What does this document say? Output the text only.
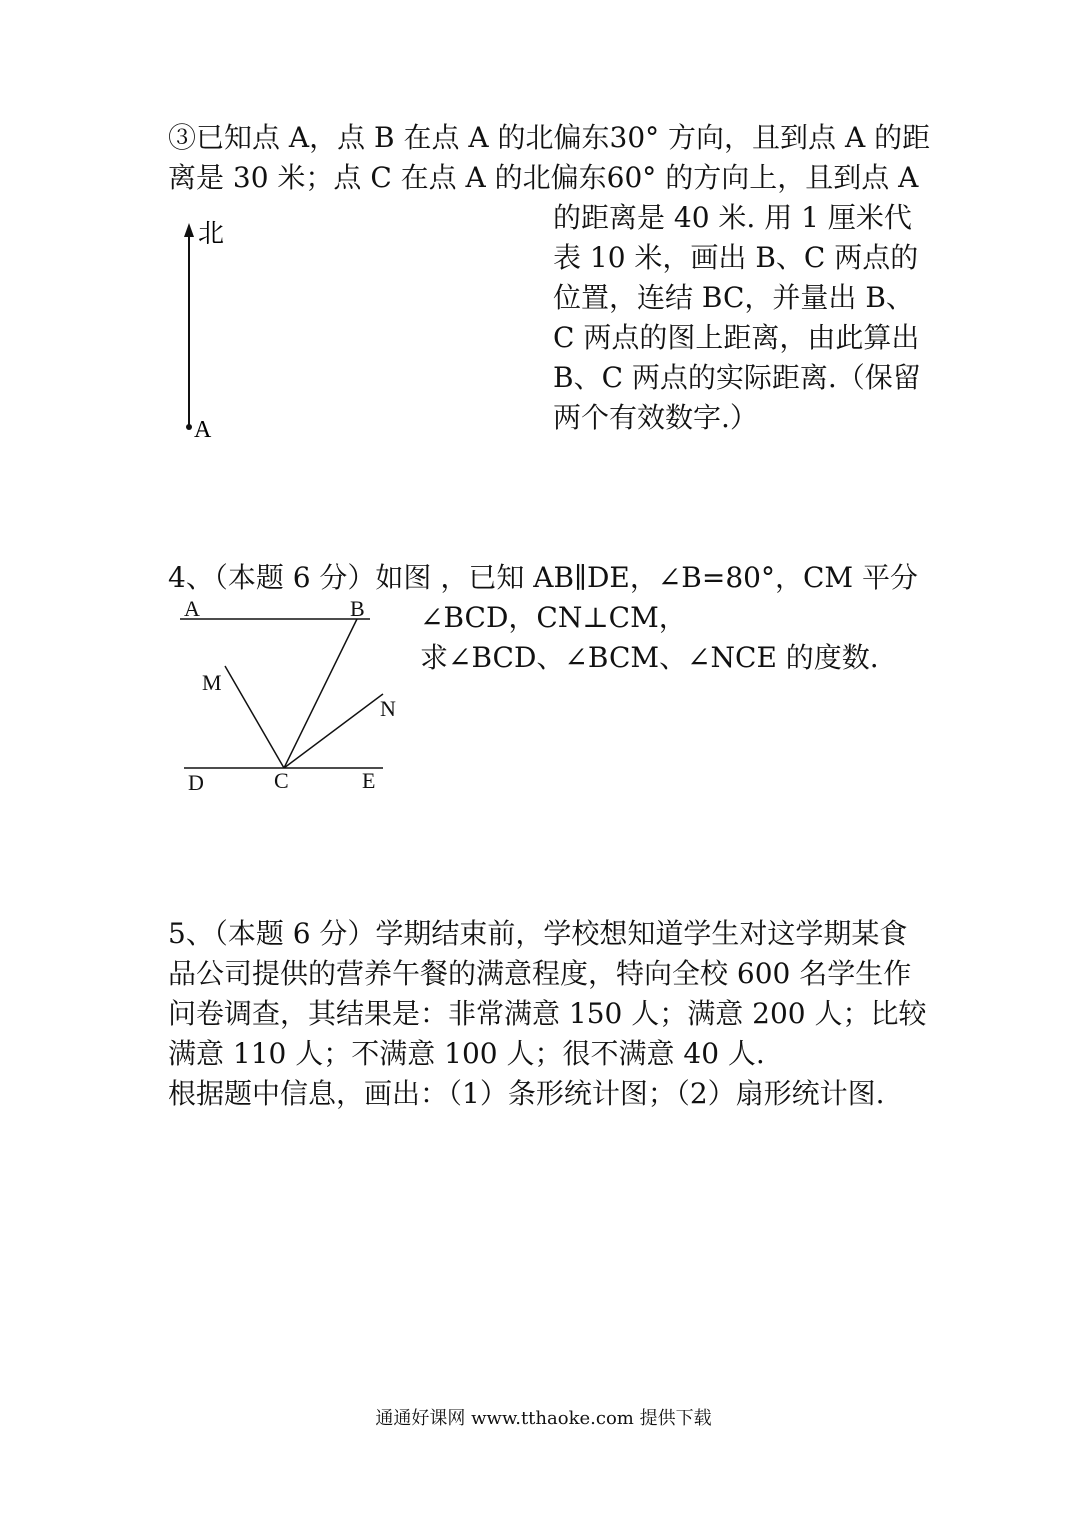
③已知点 A，点 B 在点 A 的北偏东30° 方向，且到点 A 的距
离是 30 米；点 C 在点 A 的北偏东60° 的方向上，且到点 A
的距离是 40 米. 用 1 厘米代
表 10 米，画出 B、C 两点的
位置，连结 BC，并量出 B、
C 两点的图上距离，由此算出
B、C 两点的实际距离.（保留
两个有效数字.）
北
A
4、（本题 6 分）如图 ，已知 AB∥DE，∠B=80°，CM 平分
∠BCD，CN⊥CM，
求∠BCD、∠BCM、∠NCE 的度数.
A	B
M
N
D	C	E
5、（本题 6 分）学期结束前，学校想知道学生对这学期某食
品公司提供的营养午餐的满意程度，特向全校 600 名学生作
问卷调查，其结果是：非常满意 150 人；满意 200 人；比较
满意 110 人；不满意 100 人；很不满意 40 人.
根据题中信息，画出：（1）条形统计图；（2）扇形统计图.
通通好课网 www.tthaoke.com 提供下载
